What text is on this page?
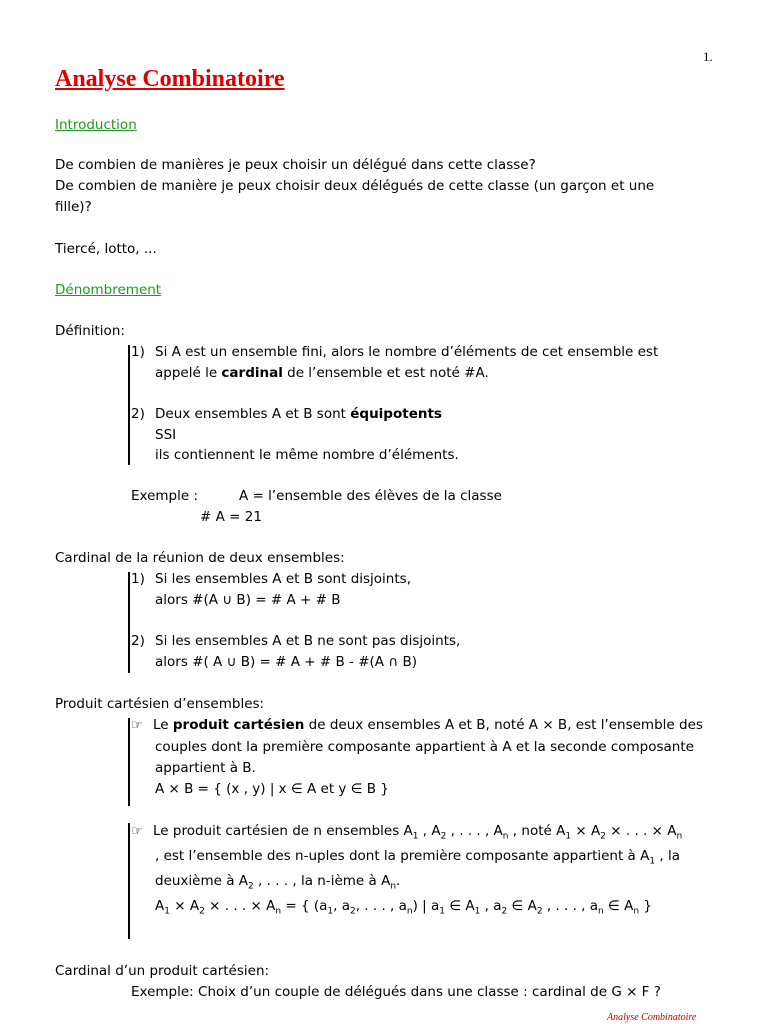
1.
Analyse Combinatoire
Introduction
De combien de manières je peux choisir un délégué dans cette classe?
De combien de manière je peux choisir deux délégués de cette classe (un garçon et une
fille)?
Tiercé, lotto, ...
Dénombrement
Définition:
1) Si A est un ensemble fini, alors le nombre d’éléments de cet ensemble est
appelé le cardinal de l’ensemble et est noté #A.
2) Deux ensembles A et B sont équipotents
SSI
ils contiennent le même nombre d’éléments.
Exemple :	A = l’ensemble des élèves de la classe
# A = 21
Cardinal de la réunion de deux ensembles:
1) Si les ensembles A et B sont disjoints,
alors #(A ∪ B) = # A + # B
2) Si les ensembles A et B ne sont pas disjoints,
alors #( A ∪ B) = # A + # B - #(A ∩ B)
Produit cartésien d’ensembles:
☞ Le produit cartésien de deux ensembles A et B, noté A × B, est l’ensemble des
couples dont la première composante appartient à A et la seconde composante
appartient à B.
A × B = { (x , y) | x ∈ A et y ∈ B }
☞ Le produit cartésien de n ensembles $A_1$ , $A_2$ , . . . , $A_n$ , noté $A_1 \times A_2$ × . . . × $A_n$
, est l’ensemble des n-uples dont la première composante appartient à $A_1$ , la
deuxième à $A_2$ , . . . , la n-ième à $A_n$.
$A_1 \times A_2$ × . . . × $A_n$ = { ($a_1$, $a_2$, . . . , $a_n$) | $a_1$ ∈ $A_1$ , $a_2$ ∈ $A_2$ , . . . , $a_n$ ∈ $A_n$ }
Cardinal d’un produit cartésien:
Exemple: Choix d’un couple de délégués dans une classe : cardinal de G × F ?
Analyse Combinatoire
